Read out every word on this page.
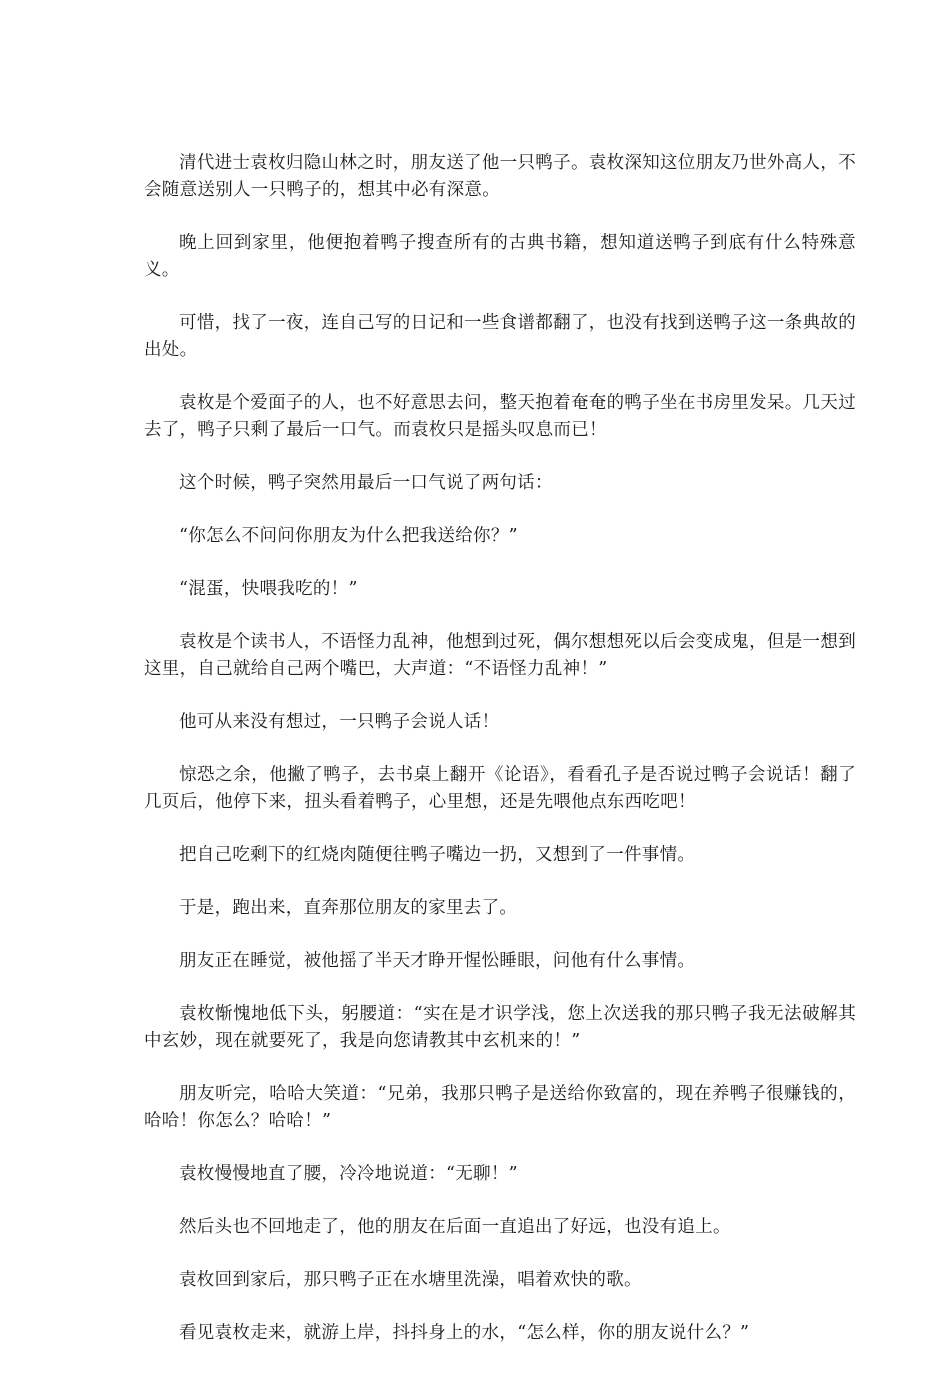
清代进士袁枚归隐山林之时，朋友送了他一只鸭子。袁枚深知这位朋友乃世外高人，不会随意送别人一只鸭子的，想其中必有深意。

晚上回到家里，他便抱着鸭子搜查所有的古典书籍，想知道送鸭子到底有什么特殊意义。

可惜，找了一夜，连自己写的日记和一些食谱都翻了，也没有找到送鸭子这一条典故的出处。

袁枚是个爱面子的人，也不好意思去问，整天抱着奄奄的鸭子坐在书房里发呆。几天过去了，鸭子只剩了最后一口气。而袁枚只是摇头叹息而已！

这个时候，鸭子突然用最后一口气说了两句话：

“你怎么不问问你朋友为什么把我送给你？”

“混蛋，快喂我吃的！”

袁枚是个读书人，不语怪力乱神，他想到过死，偶尔想想死以后会变成鬼，但是一想到这里，自己就给自己两个嘴巴，大声道：“不语怪力乱神！”

他可从来没有想过，一只鸭子会说人话！

惊恐之余，他撇了鸭子，去书桌上翻开《论语》，看看孔子是否说过鸭子会说话！翻了几页后，他停下来，扭头看着鸭子，心里想，还是先喂他点东西吃吧！

把自己吃剩下的红烧肉随便往鸭子嘴边一扔，又想到了一件事情。

于是，跑出来，直奔那位朋友的家里去了。

朋友正在睡觉，被他摇了半天才睁开惺忪睡眼，问他有什么事情。

袁枚惭愧地低下头，躬腰道：“实在是才识学浅，您上次送我的那只鸭子我无法破解其中玄妙，现在就要死了，我是向您请教其中玄机来的！”

朋友听完，哈哈大笑道：“兄弟，我那只鸭子是送给你致富的，现在养鸭子很赚钱的，哈哈！你怎么？哈哈！”

袁枚慢慢地直了腰，冷冷地说道：“无聊！”

然后头也不回地走了，他的朋友在后面一直追出了好远，也没有追上。

袁枚回到家后，那只鸭子正在水塘里洗澡，唱着欢快的歌。

看见袁枚走来，就游上岸，抖抖身上的水，“怎么样，你的朋友说什么？”
